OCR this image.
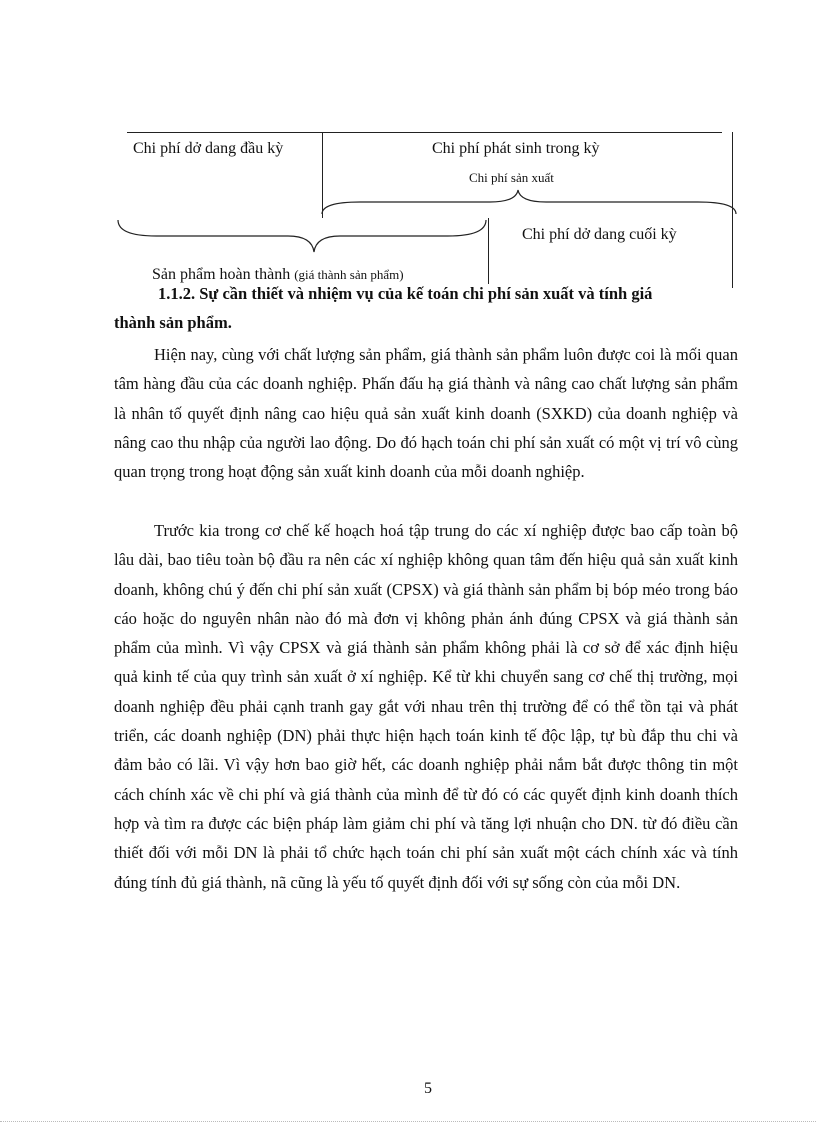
Chi phí dở dang đầu kỳ	Chi phí phát sinh trong kỳ
Chi phí sản xuất
Chi phí dở dang cuối kỳ
Sản phẩm hoàn thành (giá thành sản phẩm)
1.1.2. Sự cần thiết và nhiệm vụ của kế toán chi phí sản xuất và tính giá
thành sản phẩm.

Hiện nay, cùng với chất lượng sản phẩm, giá thành sản phẩm luôn được coi là mối quan tâm hàng đầu của các doanh nghiệp. Phấn đấu hạ giá thành và nâng cao chất lượng sản phẩm là nhân tố quyết định nâng cao hiệu quả sản xuất kinh doanh (SXKD) của doanh nghiệp và nâng cao thu nhập của người lao động. Do đó hạch toán chi phí sản xuất có một vị trí vô cùng quan trọng trong hoạt động sản xuất kinh doanh của mỗi doanh nghiệp.

Trước kia trong cơ chế kế hoạch hoá tập trung do các xí nghiệp được bao cấp toàn bộ lâu dài, bao tiêu toàn bộ đầu ra nên các xí nghiệp không quan tâm đến hiệu quả sản xuất kinh doanh, không chú ý đến chi phí sản xuất (CPSX) và giá thành sản phẩm bị bóp méo trong báo cáo hoặc do nguyên nhân nào đó mà đơn vị không phản ánh đúng CPSX và giá thành sản phẩm của mình. Vì vậy CPSX và giá thành sản phẩm không phải là cơ sở để xác định hiệu quả kinh tế của quy trình sản xuất ở xí nghiệp. Kể từ khi chuyển sang cơ chế thị trường, mọi doanh nghiệp đều phải cạnh tranh gay gắt với nhau trên thị trường để có thể tồn tại và phát triển, các doanh nghiệp (DN) phải thực hiện hạch toán kinh tế độc lập, tự bù đắp thu chi và đảm bảo có lãi. Vì vậy hơn bao giờ hết, các doanh nghiệp phải nắm bắt được thông tin một cách chính xác về chi phí và giá thành của mình để từ đó có các quyết định kinh doanh thích hợp và tìm ra được các biện pháp làm giảm chi phí và tăng lợi nhuận cho DN. từ đó điều cần thiết đối với mỗi DN là phải tổ chức hạch toán chi phí sản xuất một cách chính xác và tính đúng tính đủ giá thành, nã cũng là yếu tố quyết định đối với sự sống còn của mỗi DN.

5
